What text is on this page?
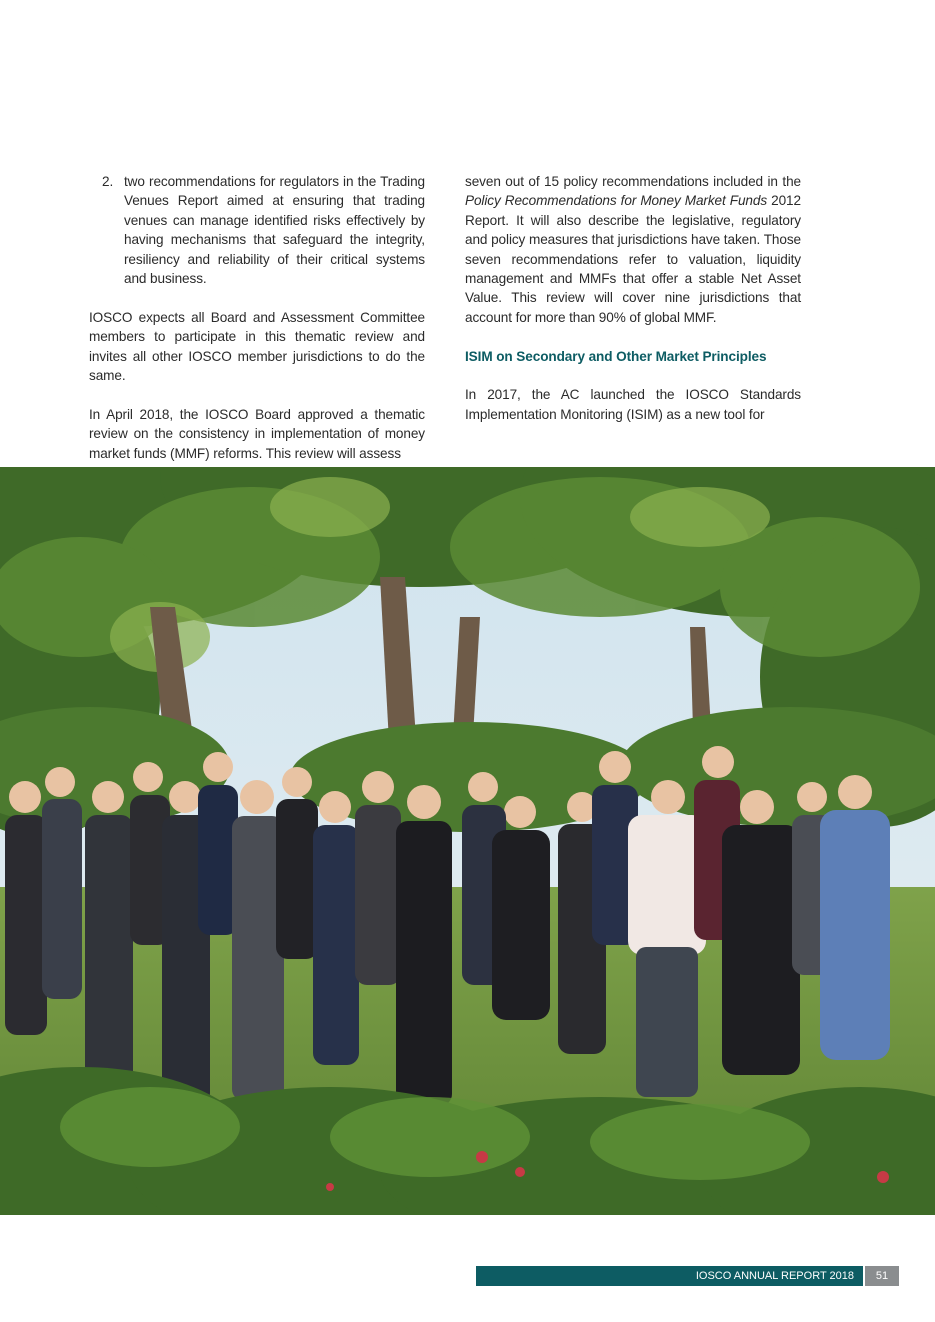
2. two recommendations for regulators in the Trading Venues Report aimed at ensuring that trading venues can manage identified risks effectively by having mechanisms that safeguard the integrity, resiliency and reliability of their critical systems and business.

IOSCO expects all Board and Assessment Committee members to participate in this thematic review and invites all other IOSCO member jurisdictions to do the same.

In April 2018, the IOSCO Board approved a thematic review on the consistency in implementation of money market funds (MMF) reforms. This review will assess

seven out of 15 policy recommendations included in the Policy Recommendations for Money Market Funds 2012 Report. It will also describe the legislative, regulatory and policy measures that jurisdictions have taken. Those seven recommendations refer to valuation, liquidity management and MMFs that offer a stable Net Asset Value. This review will cover nine jurisdictions that account for more than 90% of global MMF.

ISIM on Secondary and Other Market Principles

In 2017, the AC launched the IOSCO Standards Implementation Monitoring (ISIM) as a new tool for

IOSCO ANNUAL REPORT 2018	51
